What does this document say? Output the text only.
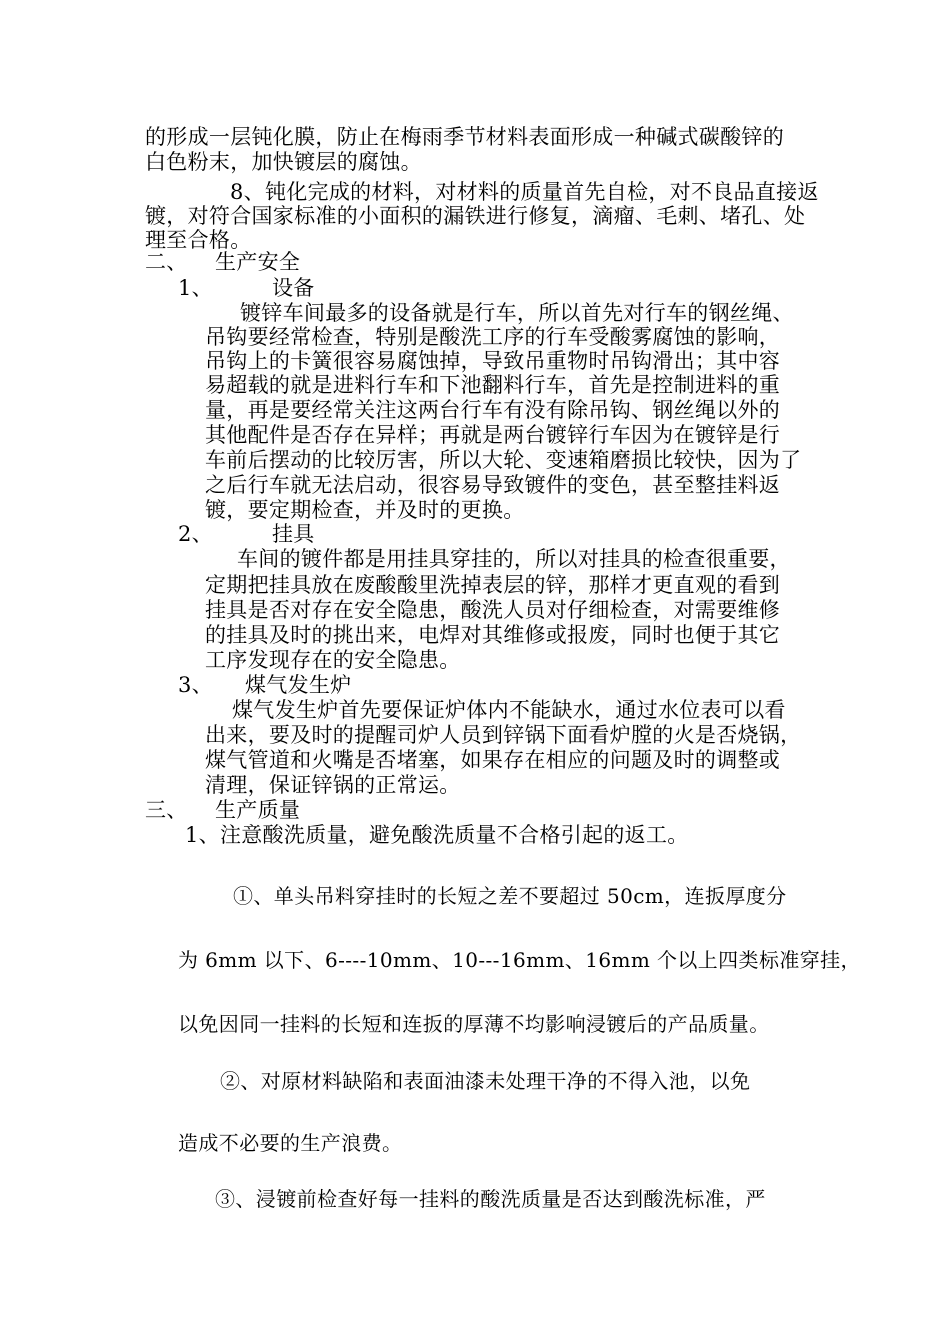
的形成一层钝化膜，防止在梅雨季节材料表面形成一种碱式碳酸锌的
白色粉末，加快镀层的腐蚀。
8、钝化完成的材料，对材料的质量首先自检，对不良品直接返
镀，对符合国家标准的小面积的漏铁进行修复，滴瘤、毛刺、堵孔、处
理至合格。
二、 生产安全
1、	设备
镀锌车间最多的设备就是行车，所以首先对行车的钢丝绳、
吊钩要经常检查，特别是酸洗工序的行车受酸雾腐蚀的影响，
吊钩上的卡簧很容易腐蚀掉，导致吊重物时吊钩滑出；其中容
易超载的就是进料行车和下池翻料行车，首先是控制进料的重
量，再是要经常关注这两台行车有没有除吊钩、钢丝绳以外的
其他配件是否存在异样；再就是两台镀锌行车因为在镀锌是行
车前后摆动的比较厉害，所以大轮、变速箱磨损比较快，因为了
之后行车就无法启动，很容易导致镀件的变色，甚至整挂料返
镀，要定期检查，并及时的更换。
2、	挂具
车间的镀件都是用挂具穿挂的，所以对挂具的检查很重要，
定期把挂具放在废酸酸里洗掉表层的锌，那样才更直观的看到
挂具是否对存在安全隐患，酸洗人员对仔细检查，对需要维修
的挂具及时的挑出来，电焊对其维修或报废，同时也便于其它
工序发现存在的安全隐患。
3、 煤气发生炉
煤气发生炉首先要保证炉体内不能缺水，通过水位表可以看
出来，要及时的提醒司炉人员到锌锅下面看炉膛的火是否烧锅，
煤气管道和火嘴是否堵塞，如果存在相应的问题及时的调整或
清理，保证锌锅的正常运。
三、 生产质量
1、注意酸洗质量，避免酸洗质量不合格引起的返工。
①、单头吊料穿挂时的长短之差不要超过 50cm，连扳厚度分
为 6mm 以下、6----10mm、10---16mm、16mm 个以上四类标准穿挂，
以免因同一挂料的长短和连扳的厚薄不均影响浸镀后的产品质量。
②、对原材料缺陷和表面油漆未处理干净的不得入池，以免
造成不必要的生产浪费。
③、浸镀前检查好每一挂料的酸洗质量是否达到酸洗标准，严
